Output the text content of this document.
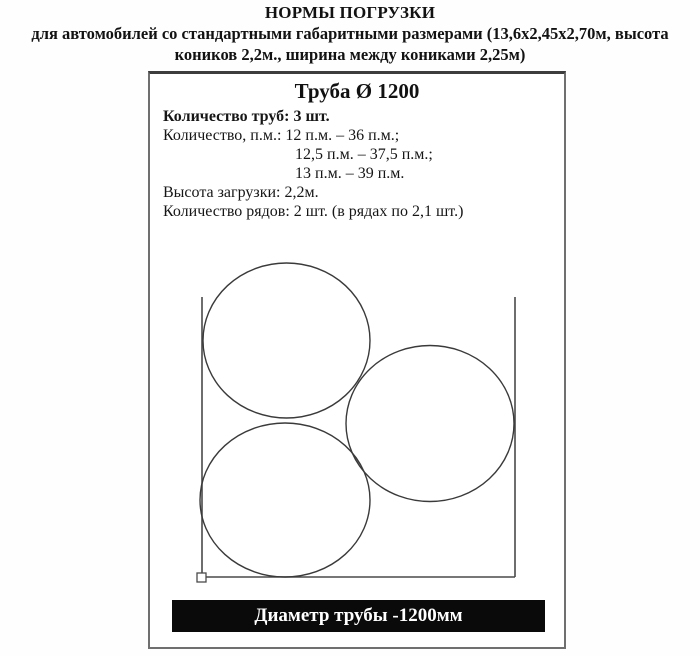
НОРМЫ ПОГРУЗКИ
для автомобилей со стандартными габаритными размерами (13,6х2,45х2,70м, высота
коников 2,2м., ширина между кониками 2,25м)
Труба Ø 1200
Количество труб: 3 шт.
Количество, п.м.: 12 п.м. – 36 п.м.;
12,5 п.м. – 37,5 п.м.;
13 п.м. – 39 п.м.
Высота загрузки: 2,2м.
Количество рядов: 2 шт. (в рядах по 2,1 шт.)
Диаметр трубы -1200мм
